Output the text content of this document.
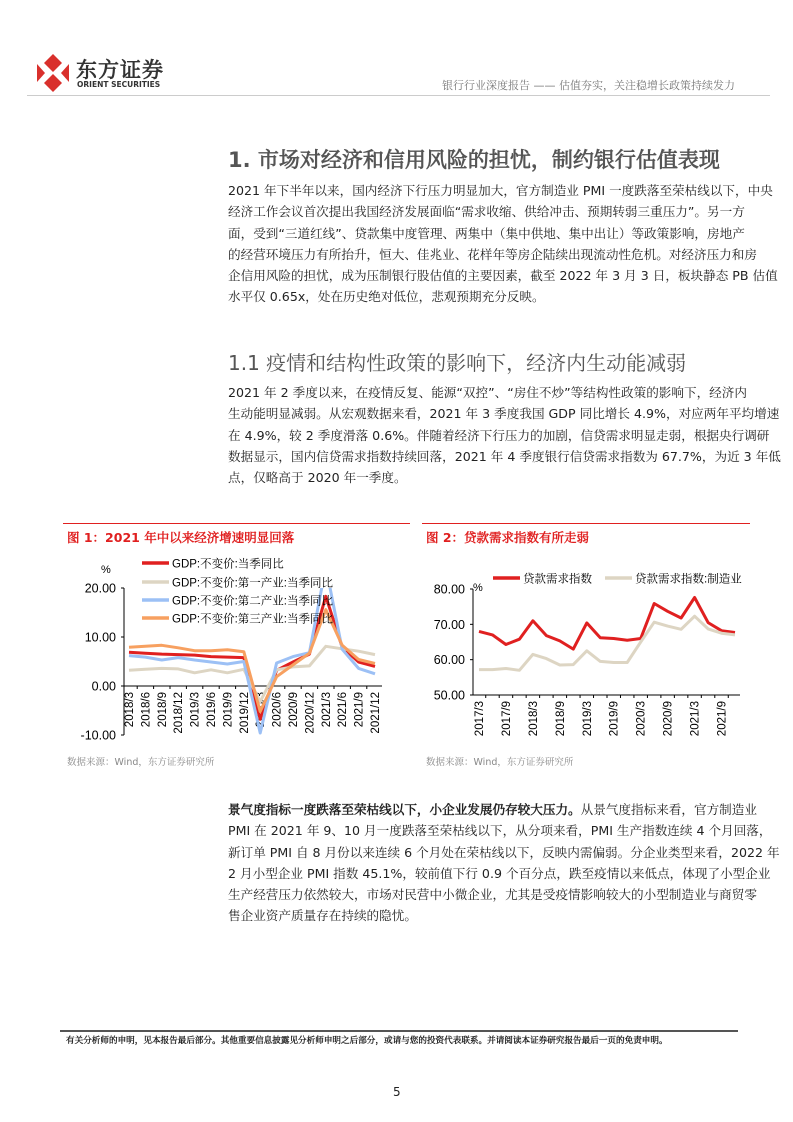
东方证券
ORIENT SECURITIES	银行行业深度报告 —— 估值夯实，关注稳增长政策持续发力
1. 市场对经济和信用风险的担忧，制约银行估值表现
2021 年下半年以来，国内经济下行压力明显加大，官方制造业 PMI 一度跌落至荣枯线以下，中央
经济工作会议首次提出我国经济发展面临“需求收缩、供给冲击、预期转弱三重压力”。另一方
面，受到“三道红线”、贷款集中度管理、两集中（集中供地、集中出让）等政策影响，房地产
的经营环境压力有所抬升，恒大、佳兆业、花样年等房企陆续出现流动性危机。对经济压力和房
企信用风险的担忧，成为压制银行股估值的主要因素，截至 2022 年 3 月 3 日，板块静态 PB 估值
水平仅 0.65x，处在历史绝对低位，悲观预期充分反映。
1.1 疫情和结构性政策的影响下，经济内生动能减弱
2021 年 2 季度以来，在疫情反复、能源“双控”、“房住不炒”等结构性政策的影响下，经济内
生动能明显减弱。从宏观数据来看，2021 年 3 季度我国 GDP 同比增长 4.9%，对应两年平均增速
在 4.9%，较 2 季度滑落 0.6%。伴随着经济下行压力的加剧，信贷需求明显走弱，根据央行调研
数据显示，国内信贷需求指数持续回落，2021 年 4 季度银行信贷需求指数为 67.7%，为近 3 年低
点，仅略高于 2020 年一季度。
图 1：2021 年中以来经济增速明显回落
20.00
10.00
0.00
-10.00
%
2018/3 2018/6 2018/9 2018/12 2019/3 2019/6 2019/9 2019/12 2020/3 2020/6 2020/9 2020/12 2021/3 2021/6 2021/9 2021/12
GDP:不变价:当季同比
GDP:不变价:第一产业:当季同比
GDP:不变价:第二产业:当季同比
GDP:不变价:第三产业:当季同比
数据来源：Wind，东方证券研究所
图 2：贷款需求指数有所走弱
80.00
70.00
60.00
50.00
%
2017/3 2017/9 2018/3 2018/9 2019/3 2019/9 2020/3 2020/9 2021/3 2021/9
贷款需求指数	贷款需求指数:制造业
数据来源：Wind，东方证券研究所
景气度指标一度跌落至荣枯线以下，小企业发展仍存较大压力。从景气度指标来看，官方制造业
PMI 在 2021 年 9、10 月一度跌落至荣枯线以下，从分项来看，PMI 生产指数连续 4 个月回落，
新订单 PMI 自 8 月份以来连续 6 个月处在荣枯线以下，反映内需偏弱。分企业类型来看，2022 年
2 月小型企业 PMI 指数 45.1%，较前值下行 0.9 个百分点，跌至疫情以来低点，体现了小型企业
生产经营压力依然较大，市场对民营中小微企业，尤其是受疫情影响较大的小型制造业与商贸零
售企业资产质量存在持续的隐忧。
有关分析师的申明，见本报告最后部分。其他重要信息披露见分析师申明之后部分，或请与您的投资代表联系。并请阅读本证券研究报告最后一页的免责申明。
5
